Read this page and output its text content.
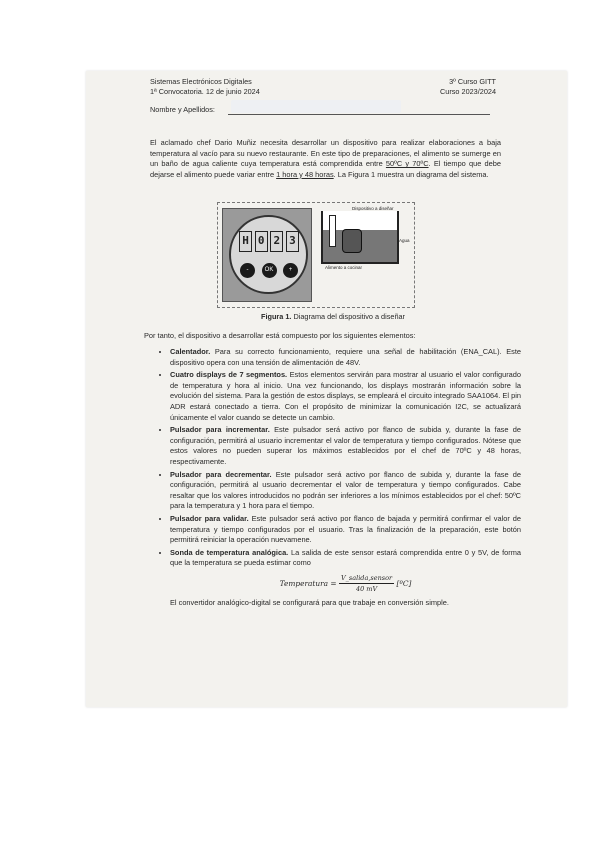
Sistemas Electrónicos Digitales
1ª Convocatoria. 12 de junio 2024
3º Curso GITT
Curso 2023/2024
Nombre y Apellidos:
El aclamado chef Dario Muñiz necesita desarrollar un dispositivo para realizar elaboraciones a baja temperatura al vacío para su nuevo restaurante. En este tipo de preparaciones, el alimento se sumerge en un baño de agua caliente cuya temperatura está comprendida entre 50ºC y 70ºC. El tiempo que debe dejarse el alimento puede variar entre 1 hora y 48 horas. La Figura 1 muestra un diagrama del sistema.
H 0 2 3
-	OK	+
Dispositivo a diseñar
Agua
Alimento a cocinar
Figura 1. Diagrama del dispositivo a diseñar
Por tanto, el dispositivo a desarrollar está compuesto por los siguientes elementos:
• Calentador. Para su correcto funcionamiento, requiere una señal de habilitación (ENA_CAL). Este dispositivo opera con una tensión de alimentación de 48V.
• Cuatro displays de 7 segmentos. Estos elementos servirán para mostrar al usuario el valor configurado de temperatura y hora al inicio. Una vez funcionando, los displays mostrarán información sobre la evolución del sistema. Para la gestión de estos displays, se empleará el circuito integrado SAA1064. El pin ADR estará conectado a tierra. Con el propósito de minimizar la comunicación I2C, se actualizará únicamente el valor cuando se detecte un cambio.
• Pulsador para incrementar. Este pulsador será activo por flanco de subida y, durante la fase de configuración, permitirá al usuario incrementar el valor de temperatura y tiempo configurados. Nótese que estos valores no pueden superar los máximos establecidos por el chef de 70ºC y 48 horas, respectivamente.
• Pulsador para decrementar. Este pulsador será activo por flanco de subida y, durante la fase de configuración, permitirá al usuario decrementar el valor de temperatura y tiempo configurados. Cabe resaltar que los valores introducidos no podrán ser inferiores a los mínimos establecidos por el chef: 50ºC para la temperatura y 1 hora para el tiempo.
• Pulsador para validar. Este pulsador será activo por flanco de bajada y permitirá confirmar el valor de temperatura y tiempo configurados por el usuario. Tras la finalización de la preparación, este botón permitirá reiniciar la operación nuevamene.
• Sonda de temperatura analógica. La salida de este sensor estará comprendida entre 0 y 5V, de forma que la temperatura se pueda estimar como
Temperatura = $\frac{\text{V\_salida,sensor}}{40 mV}$ [ºC]
El convertidor analógico-digital se configurará para que trabaje en conversión simple.
